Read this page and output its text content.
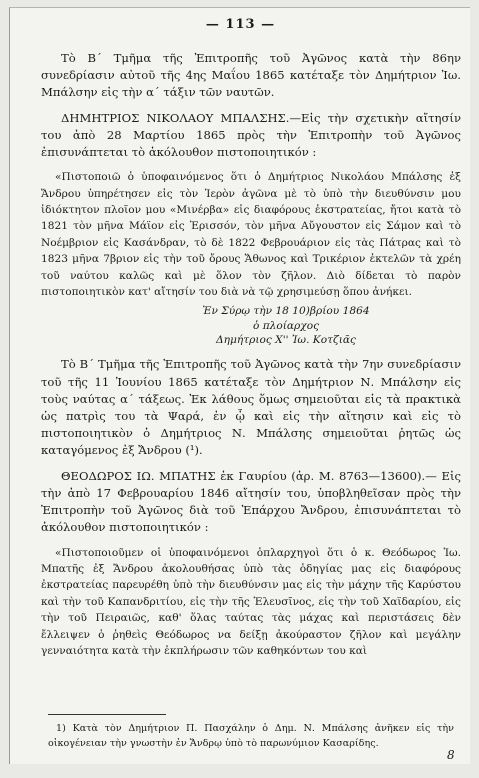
— 113 —

Τὸ Β΄ Τμῆμα τῆς Ἐπιτροπῆς τοῦ Ἀγῶνος κατὰ τὴν 86ην συνεδρίασιν αὐτοῦ τῆς 4ης Μαΐου 1865 κατέταξε τὸν Δημήτριον Ἰω. Μπάλσην εἰς τὴν α΄ τάξιν τῶν ναυτῶν.

ΔΗΜΗΤΡΙΟΣ ΝΙΚΟΛΑΟΥ ΜΠΑΛΣΗΣ.—Εἰς τὴν σχετικὴν αἴτησίν του ἀπὸ 28 Μαρτίου 1865 πρὸς τὴν Ἐπιτροπὴν τοῦ Ἀγῶνος ἐπισυνάπτεται τὸ ἀκόλουθον πιστοποιητικόν :

«Πιστοποιῶ ὁ ὑποφαινόμενος ὅτι ὁ Δημήτριος Νικολάου Μπάλσης ἐξ Ἄνδρου ὑπηρέτησεν εἰς τὸν Ἱερὸν ἀγῶνα μὲ τὸ ὑπὸ τὴν διευθύνσιν μου ἰδιόκτητον πλοῖον μου «Μινέρβα» εἰς διαφόρους ἐκστρατείας, ἤτοι κατὰ τὸ 1821 τὸν μῆνα Μάϊον εἰς Ἐρισσόν, τὸν μῆνα Αὔγουστον εἰς Σάμον καὶ τὸ Νοέμβριον εἰς Κασάνδραν, τὸ δὲ 1822 Φεβρουάριον εἰς τὰς Πάτρας καὶ τὸ 1823 μῆνα 7βριον εἰς τὴν τοῦ ὄρους Ἄθωνος καὶ Τρικέριον ἐκτελῶν τὰ χρέη τοῦ ναύτου καλῶς καὶ μὲ ὅλον τὸν ζῆλον. Διὸ δίδεται τὸ παρὸν πιστοποιητικὸν κατ' αἴτησίν του διὰ νὰ τῷ χρησιμεύσῃ ὅπου ἀνήκει.

Ἐν Σύρῳ τὴν 18 10)βρίου 1864
ὁ πλοίαρχος
Δημήτριος Χ'' Ἰω. Κοτζιᾶς

Τὸ Β΄ Τμῆμα τῆς Ἐπιτροπῆς τοῦ Ἀγῶνος κατὰ τὴν 7ην συνεδρίασιν τοῦ τῆς 11 Ἰουνίου 1865 κατέταξε τὸν Δημήτριον Ν. Μπάλσην εἰς τοὺς ναύτας α΄ τάξεως. Ἐκ λάθους ὅμως σημειοῦται εἰς τὰ πρακτικὰ ὡς πατρὶς του τὰ Ψαρά, ἐν ᾧ καὶ εἰς τὴν αἴτησιν καὶ εἰς τὸ πιστοποιητικὸν ὁ Δημήτριος Ν. Μπάλσης σημειοῦται ῥητῶς ὡς καταγόμενος ἐξ Ἄνδρου (¹).

ΘΕΟΔΩΡΟΣ ΙΩ. ΜΠΑΤΗΣ ἐκ Γαυρίου (ἀρ. Μ. 8763—13600).— Εἰς τὴν ἀπὸ 17 Φεβρουαρίου 1846 αἴτησίν του, ὑποβληθεῖσαν πρὸς τὴν Ἐπιτροπὴν τοῦ Ἀγῶνος διὰ τοῦ Ἐπάρχου Ἄνδρου, ἐπισυνάπτεται τὸ ἀκόλουθον πιστοποιητικόν :

«Πιστοποιοῦμεν οἱ ὑποφαινόμενοι ὁπλαρχηγοὶ ὅτι ὁ κ. Θεόδωρος Ἰω. Μπατῆς ἐξ Ἄνδρου ἀκολουθήσας ὑπὸ τὰς ὁδηγίας μας εἰς διαφόρους ἐκστρατείας παρευρέθη ὑπὸ τὴν διευθύνσιν μας εἰς τὴν μάχην τῆς Καρύστου καὶ τὴν τοῦ Καπανδριτίου, εἰς τὴν τῆς Ἐλευσῖνος, εἰς τὴν τοῦ Χαϊδαρίου, εἰς τὴν τοῦ Πειραιῶς, καθ' ὅλας ταύτας τὰς μάχας καὶ περιστάσεις δὲν ἔλλειψεν ὁ ῥηθεὶς Θεόδωρος να δείξῃ ἀκούραστον ζῆλον καὶ μεγάλην γενναιότητα κατὰ τὴν ἐκπλήρωσιν τῶν καθηκόντων του καὶ

1) Κατὰ τὸν Δημήτριον Π. Πασχάλην ὁ Δημ. Ν. Μπάλσης ἀνῆκεν εἰς τὴν οἰκογένειαν τὴν γνωστὴν ἐν Ἄνδρῳ ὑπὸ τὸ παρωνύμιον Κασαρίδης.

8
